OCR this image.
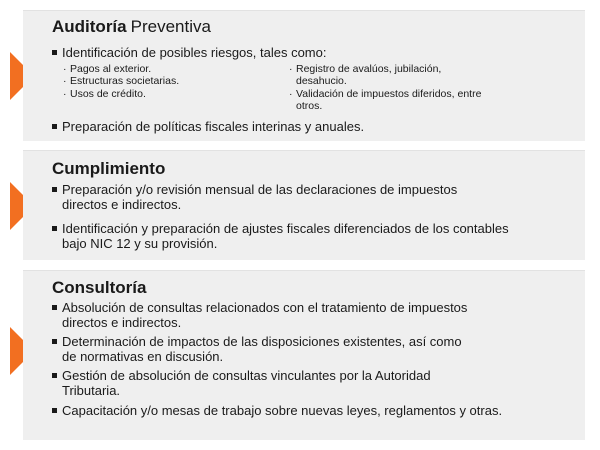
Auditoría Preventiva
Identificación de posibles riesgos, tales como:
· Pagos al exterior.
· Estructuras societarias.
· Usos de crédito.
· Registro de avalúos, jubilación, desahucio.
· Validación de impuestos diferidos, entre otros.
Preparación de políticas fiscales interinas y anuales.
Cumplimiento
Preparación y/o revisión mensual de las declaraciones de impuestos directos e indirectos.
Identificación y preparación de ajustes fiscales diferenciados de los contables bajo NIC 12 y su provisión.
Consultoría
Absolución de consultas relacionados con el tratamiento de impuestos directos e indirectos.
Determinación de impactos de las disposiciones existentes, así como de normativas en discusión.
Gestión de absolución de consultas vinculantes por la Autoridad Tributaria.
Capacitación y/o mesas de trabajo sobre nuevas leyes, reglamentos y otras.
